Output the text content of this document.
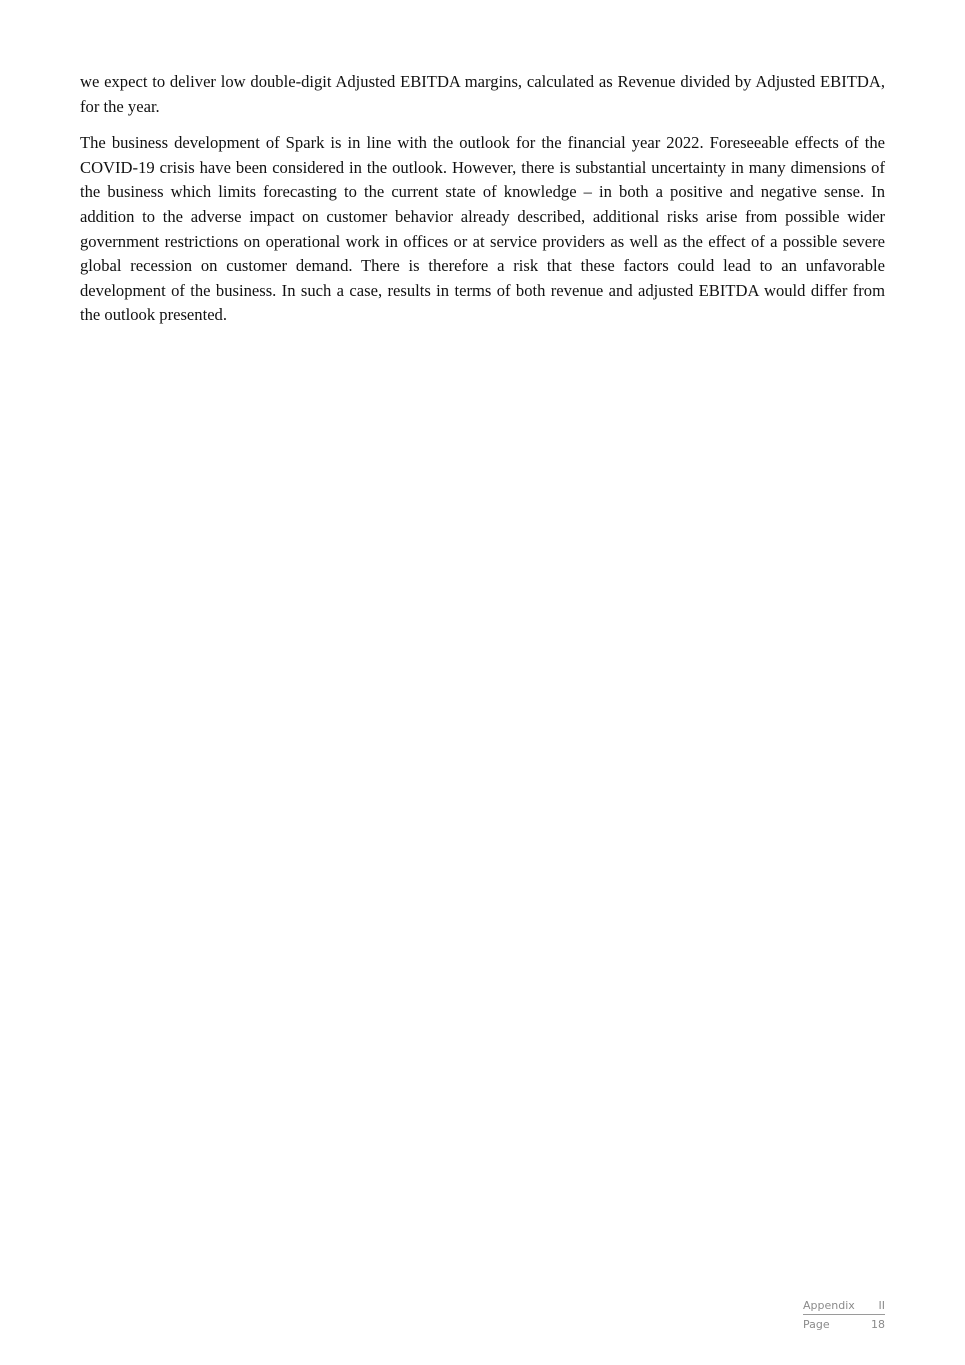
we expect to deliver low double-digit Adjusted EBITDA margins, calculated as Revenue divided by Adjusted EBITDA, for the year.

The business development of Spark is in line with the outlook for the financial year 2022. Foreseeable effects of the COVID-19 crisis have been considered in the outlook. However, there is substantial uncertainty in many dimensions of the business which limits forecasting to the current state of knowledge – in both a positive and negative sense. In addition to the adverse impact on customer behavior already described, additional risks arise from possible wider government restrictions on operational work in offices or at service providers as well as the effect of a possible severe global recession on customer demand. There is therefore a risk that these factors could lead to an unfavorable development of the business. In such a case, results in terms of both revenue and adjusted EBITDA would differ from the outlook presented.

Appendix II
Page	18
